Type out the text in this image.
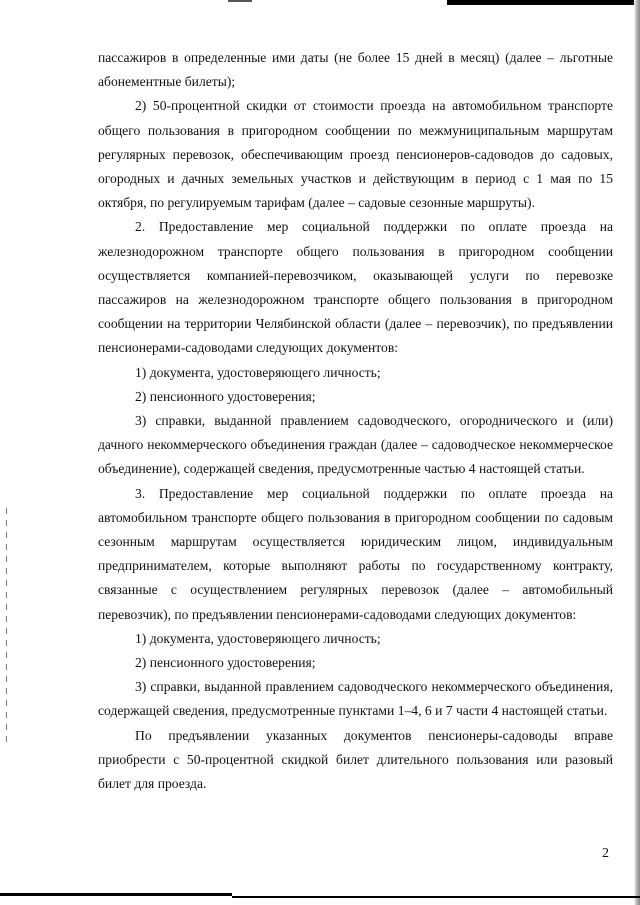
пассажиров в определенные ими даты (не более 15 дней в месяц) (далее – льготные абонементные билеты);

2) 50-процентной скидки от стоимости проезда на автомобильном транспорте общего пользования в пригородном сообщении по межмуниципальным маршрутам регулярных перевозок, обеспечивающим проезд пенсионеров-садоводов до садовых, огородных и дачных земельных участков и действующим в период с 1 мая по 15 октября, по регулируемым тарифам (далее – садовые сезонные маршруты).

2. Предоставление мер социальной поддержки по оплате проезда на железнодорожном транспорте общего пользования в пригородном сообщении осуществляется компанией-перевозчиком, оказывающей услуги по перевозке пассажиров на железнодорожном транспорте общего пользования в пригородном сообщении на территории Челябинской области (далее – перевозчик), по предъявлении пенсионерами-садоводами следующих документов:

1) документа, удостоверяющего личность;

2) пенсионного удостоверения;

3) справки, выданной правлением садоводческого, огороднического и (или) дачного некоммерческого объединения граждан (далее – садоводческое некоммерческое объединение), содержащей сведения, предусмотренные частью 4 настоящей статьи.

3. Предоставление мер социальной поддержки по оплате проезда на автомобильном транспорте общего пользования в пригородном сообщении по садовым сезонным маршрутам осуществляется юридическим лицом, индивидуальным предпринимателем, которые выполняют работы по государственному контракту, связанные с осуществлением регулярных перевозок (далее – автомобильный перевозчик), по предъявлении пенсионерами-садоводами следующих документов:

1) документа, удостоверяющего личность;

2) пенсионного удостоверения;

3) справки, выданной правлением садоводческого некоммерческого объединения, содержащей сведения, предусмотренные пунктами 1–4, 6 и 7 части 4 настоящей статьи.

По предъявлении указанных документов пенсионеры-садоводы вправе приобрести с 50-процентной скидкой билет длительного пользования или разовый билет для проезда.

2
